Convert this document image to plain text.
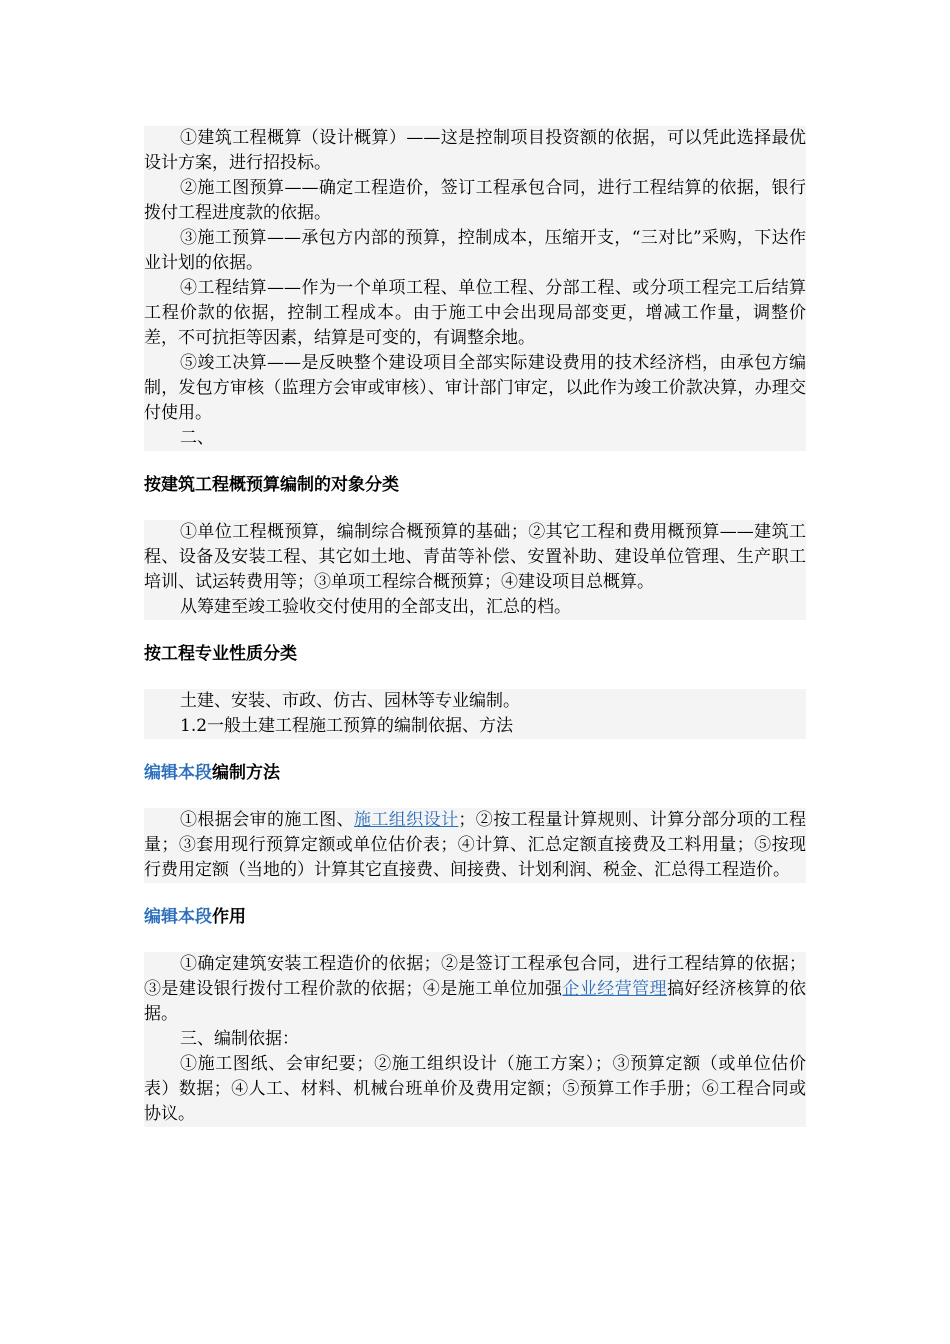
①建筑工程概算（设计概算）——这是控制项目投资额的依据，可以凭此选择最优设计方案，进行招投标。

②施工图预算——确定工程造价，签订工程承包合同，进行工程结算的依据，银行拨付工程进度款的依据。

③施工预算——承包方内部的预算，控制成本，压缩开支，“三对比”采购，下达作业计划的依据。

④工程结算——作为一个单项工程、单位工程、分部工程、或分项工程完工后结算工程价款的依据，控制工程成本。由于施工中会出现局部变更，增减工作量，调整价差，不可抗拒等因素，结算是可变的，有调整余地。

⑤竣工决算——是反映整个建设项目全部实际建设费用的技术经济档，由承包方编制，发包方审核（监理方会审或审核）、审计部门审定，以此作为竣工价款决算，办理交付使用。

二、

按建筑工程概预算编制的对象分类

①单位工程概预算，编制综合概预算的基础；②其它工程和费用概预算——建筑工程、设备及安装工程、其它如土地、青苗等补偿、安置补助、建设单位管理、生产职工培训、试运转费用等；③单项工程综合概预算；④建设项目总概算。

从筹建至竣工验收交付使用的全部支出，汇总的档。

按工程专业性质分类

土建、安装、市政、仿古、园林等专业编制。

1.2一般土建工程施工预算的编制依据、方法

编辑本段编制方法

①根据会审的施工图、施工组织设计；②按工程量计算规则、计算分部分项的工程量；③套用现行预算定额或单位估价表；④计算、汇总定额直接费及工料用量；⑤按现行费用定额（当地的）计算其它直接费、间接费、计划利润、税金、汇总得工程造价。

编辑本段作用

①确定建筑安装工程造价的依据；②是签订工程承包合同，进行工程结算的依据；③是建设银行拨付工程价款的依据；④是施工单位加强企业经营管理搞好经济核算的依据。

三、编制依据：

①施工图纸、会审纪要；②施工组织设计（施工方案）；③预算定额（或单位估价表）数据；④人工、材料、机械台班单价及费用定额；⑤预算工作手册；⑥工程合同或协议。
